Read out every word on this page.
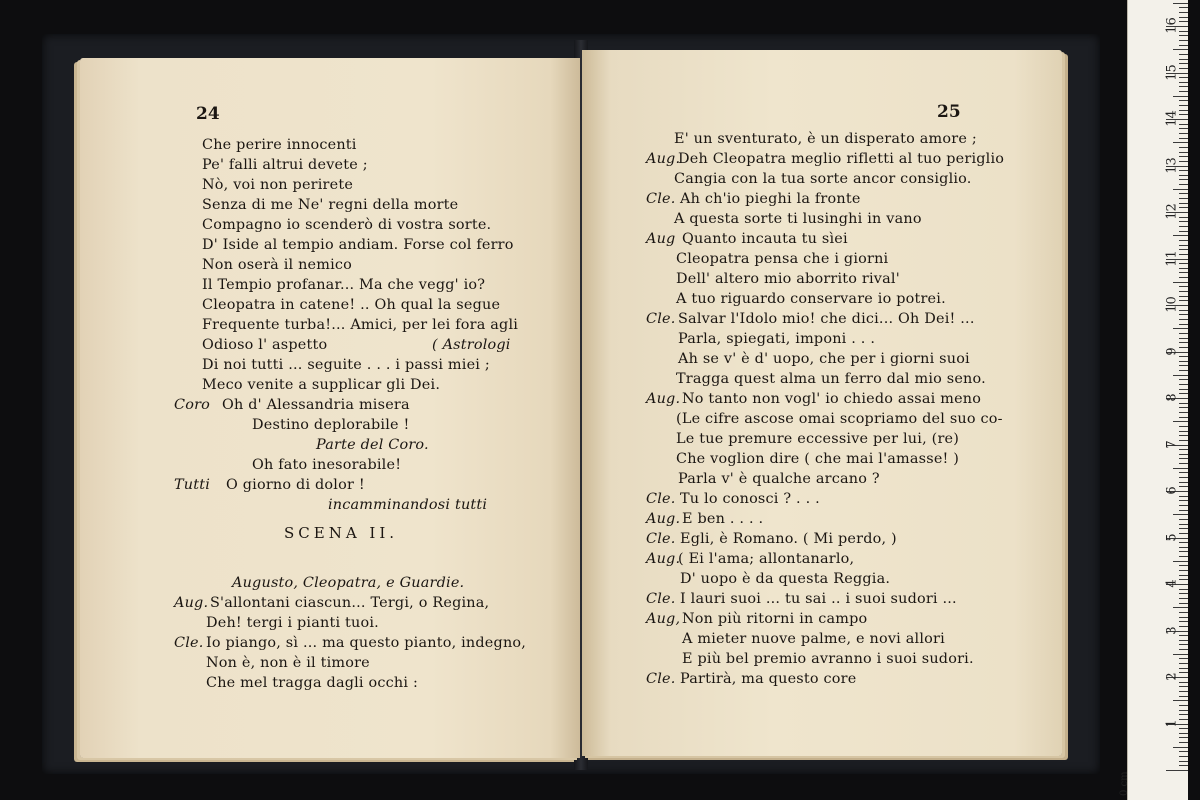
24
SCENA II.
Che perire innocenti
Pe' falli altrui devete ;
Nò, voi non perirete
Senza di me Ne' regni della morte
Compagno io scenderò di vostra sorte.
D' Iside al tempio andiam. Forse col ferro
Non oserà il nemico
Il Tempio profanar... Ma che vegg' io?
Cleopatra in catene! .. Oh qual la segue
Frequente turba!... Amici, per lei fora agli
Odioso l' aspetto	( Astrologi
Di noi tutti ... seguite . . . i passi miei ;
Meco venite a supplicar gli Dei.
Coro Oh d' Alessandria misera
Destino deplorabile !
Parte del Coro.
Oh fato inesorabile!
Tutti O giorno di dolor !
incamminandosi tutti
Augusto, Cleopatra, e Guardie.
Aug. S'allontani ciascun... Tergi, o Regina,
Deh! tergi i pianti tuoi.
Cle. Io piango, sì ... ma questo pianto, indegno,
Non è, non è il timore
Che mel tragga dagli occhi :
25
E' un sventurato, è un disperato amore ;
Aug.
Deh Cleopatra meglio rifletti al tuo periglio
Cangia con la tua sorte ancor consiglio.
Cle. Ah ch'io pieghi la fronte
A questa sorte ti lusinghi in vano
Aug Quanto incauta tu sìei
Cleopatra pensa che i giorni
Dell' altero mio aborrito rival'
A tuo riguardo conservare io potrei.
Cle. Salvar l'Idolo mio! che dici... Oh Dei! ...
Parla, spiegati, imponi . . .
Ah se v' è d' uopo, che per i giorni suoi
Tragga quest alma un ferro dal mio seno.
Aug. No tanto non vogl' io chiedo assai meno
(Le cifre ascose omai scopriamo del suo co-
Le tue premure eccessive per lui, (re)
Che voglion dire ( che mai l'amasse! )
Parla v' è qualche arcano ?
Cle. Tu lo conosci ? . . .
Aug. E ben . . . .
Cle. Egli, è Romano. ( Mi perdo, )
Aug.
( Ei l'ama; allontanarlo,
D' uopo è da questa Reggia.
Cle. I lauri suoi ... tu sai .. i suoi sudori ...
Aug, Non più ritorni in campo
A mieter nuove palme, e novi allori
E più bel premio avranno i suoi sudori.
Cle. Partirà, ma questo core
0 cm
1
2
3
4
5
6
7
8
9
10
11
12
13
14
15
16
